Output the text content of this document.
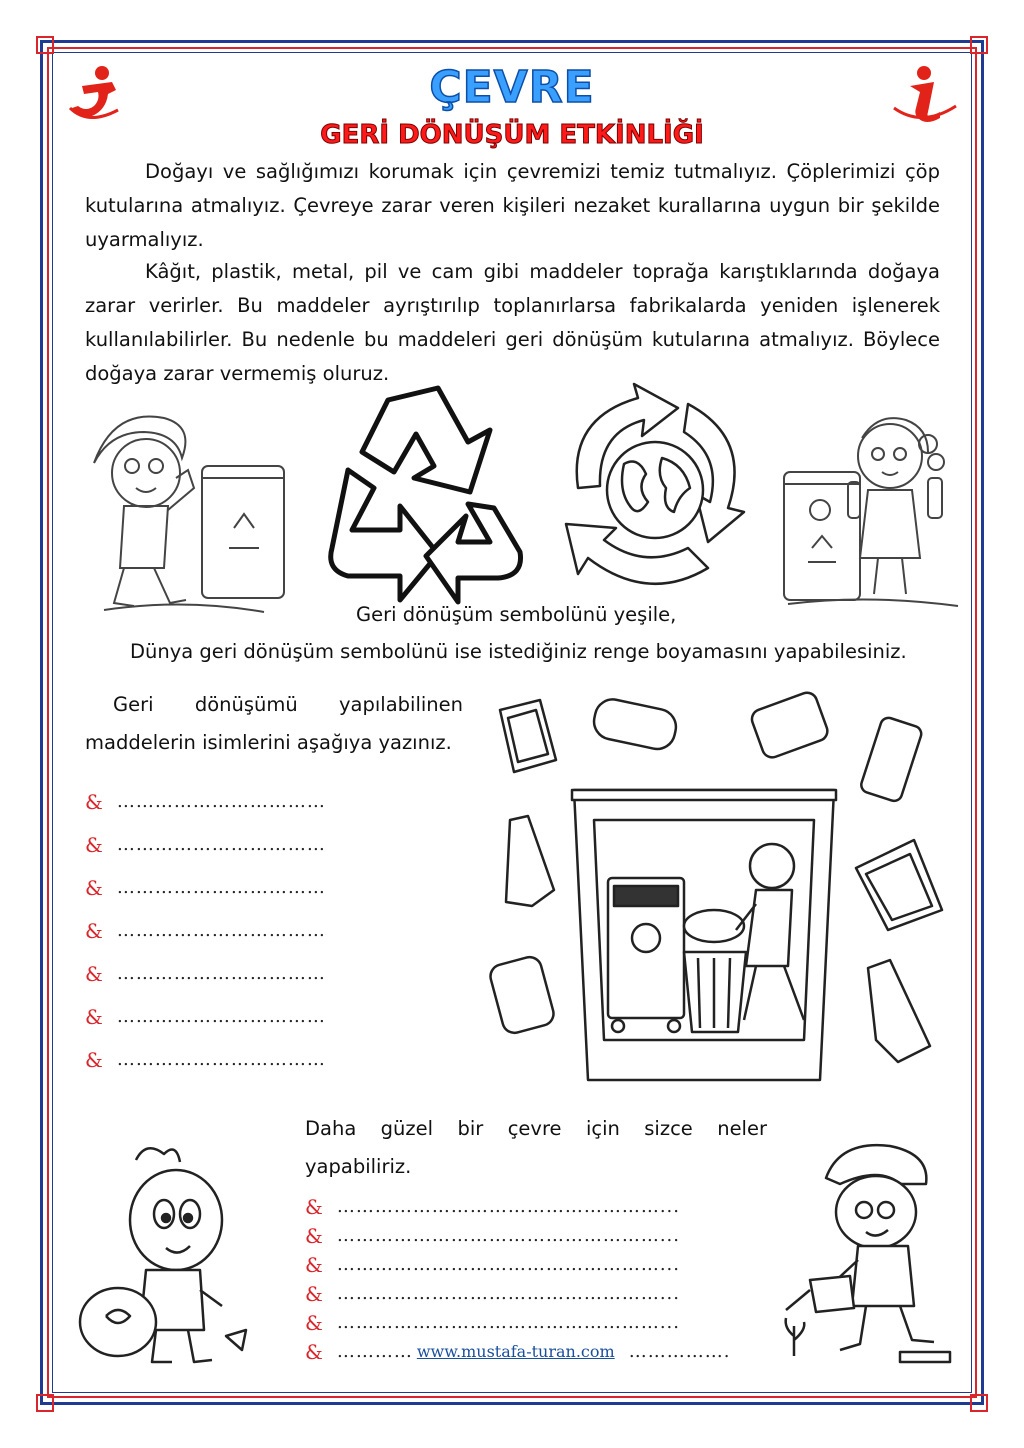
ÇEVRE
GERİ DÖNÜŞÜM ETKİNLİĞİ
Doğayı ve sağlığımızı korumak için çevremizi temiz tutmalıyız. Çöplerimizi çöp kutularına atmalıyız. Çevreye zarar veren kişileri nezaket kurallarına uygun bir şekilde uyarmalıyız.
Kâğıt, plastik, metal, pil ve cam gibi maddeler toprağa karıştıklarında doğaya zarar verirler. Bu maddeler ayrıştırılıp toplanırlarsa fabrikalarda yeniden işlenerek kullanılabilirler. Bu nedenle bu maddeleri geri dönüşüm kutularına atmalıyız. Böylece doğaya zarar vermemiş oluruz.
Geri dönüşüm sembolünü yeşile,
Dünya geri dönüşüm sembolünü ise istediğiniz renge boyamasını yapabilesiniz.
Geri dönüşümü yapılabilinen maddelerin isimlerini aşağıya yazınız.
& ……………………………
& ……………………………
& ……………………………
& ……………………………
& ……………………………
& ……………………………
& ……………………………
Daha güzel bir çevre için sizce neler yapabiliriz.
& ……………………………………………...
& ……………………………………………...
& ……………………………………………...
& ……………………………………………...
& ……………………………………………...
& ………… www.mustafa-turan.com …………….
